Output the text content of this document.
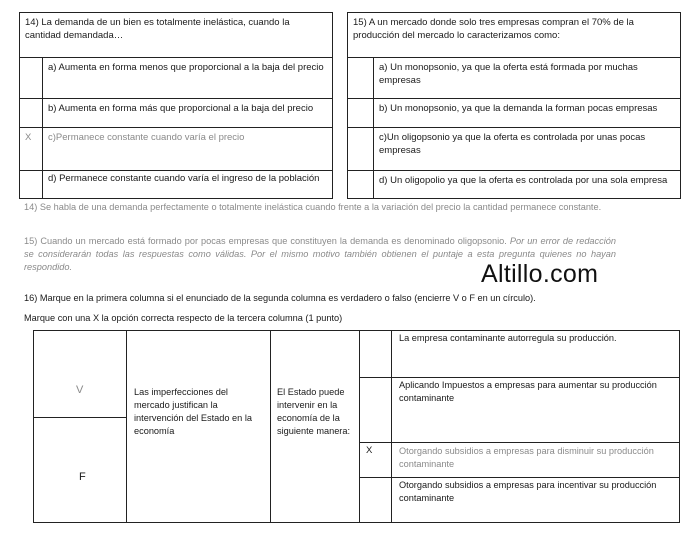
14) La demanda de un bien es totalmente inelástica, cuando la cantidad demandada…
a) Aumenta en forma menos que proporcional a la baja del precio
b) Aumenta en forma más que proporcional a la baja del precio
X	c)Permanece constante cuando varía el precio
d) Permanece constante cuando varía el ingreso de la población
15) A un mercado donde solo tres empresas compran el 70% de la producción del mercado lo caracterizamos como:
a) Un monopsonio, ya que la oferta está formada por muchas empresas
b) Un monopsonio, ya que la demanda la forman pocas empresas
c)Un oligopsonio ya que la oferta es controlada por unas pocas empresas
d) Un oligopolio ya que la oferta es controlada por una sola empresa
14) Se habla de una demanda perfectamente o totalmente inelástica cuando frente a la variación del precio la cantidad permanece constante.
15) Cuando un mercado está formado por pocas empresas que constituyen la demanda es denominado oligopsonio. Por un error de redacción se considerarán todas las respuestas como válidas. Por el mismo motivo también obtienen el puntaje a esta pregunta quienes no hayan respondido.	Altillo.com
16) Marque en la primera columna si el enunciado de la segunda columna es verdadero o falso (encierre V o F en un círculo).
Marque con una X la opción correcta respecto de la tercera columna (1 punto)
V
F
Las imperfecciones del mercado justifican la intervención del Estado en la economía
El Estado puede intervenir en la economía de la siguiente manera:
X
La empresa contaminante autorregula su producción.
Aplicando Impuestos a empresas para aumentar su producción contaminante
Otorgando subsidios a empresas para disminuir su producción contaminante
Otorgando subsidios a empresas para incentivar su producción contaminante
